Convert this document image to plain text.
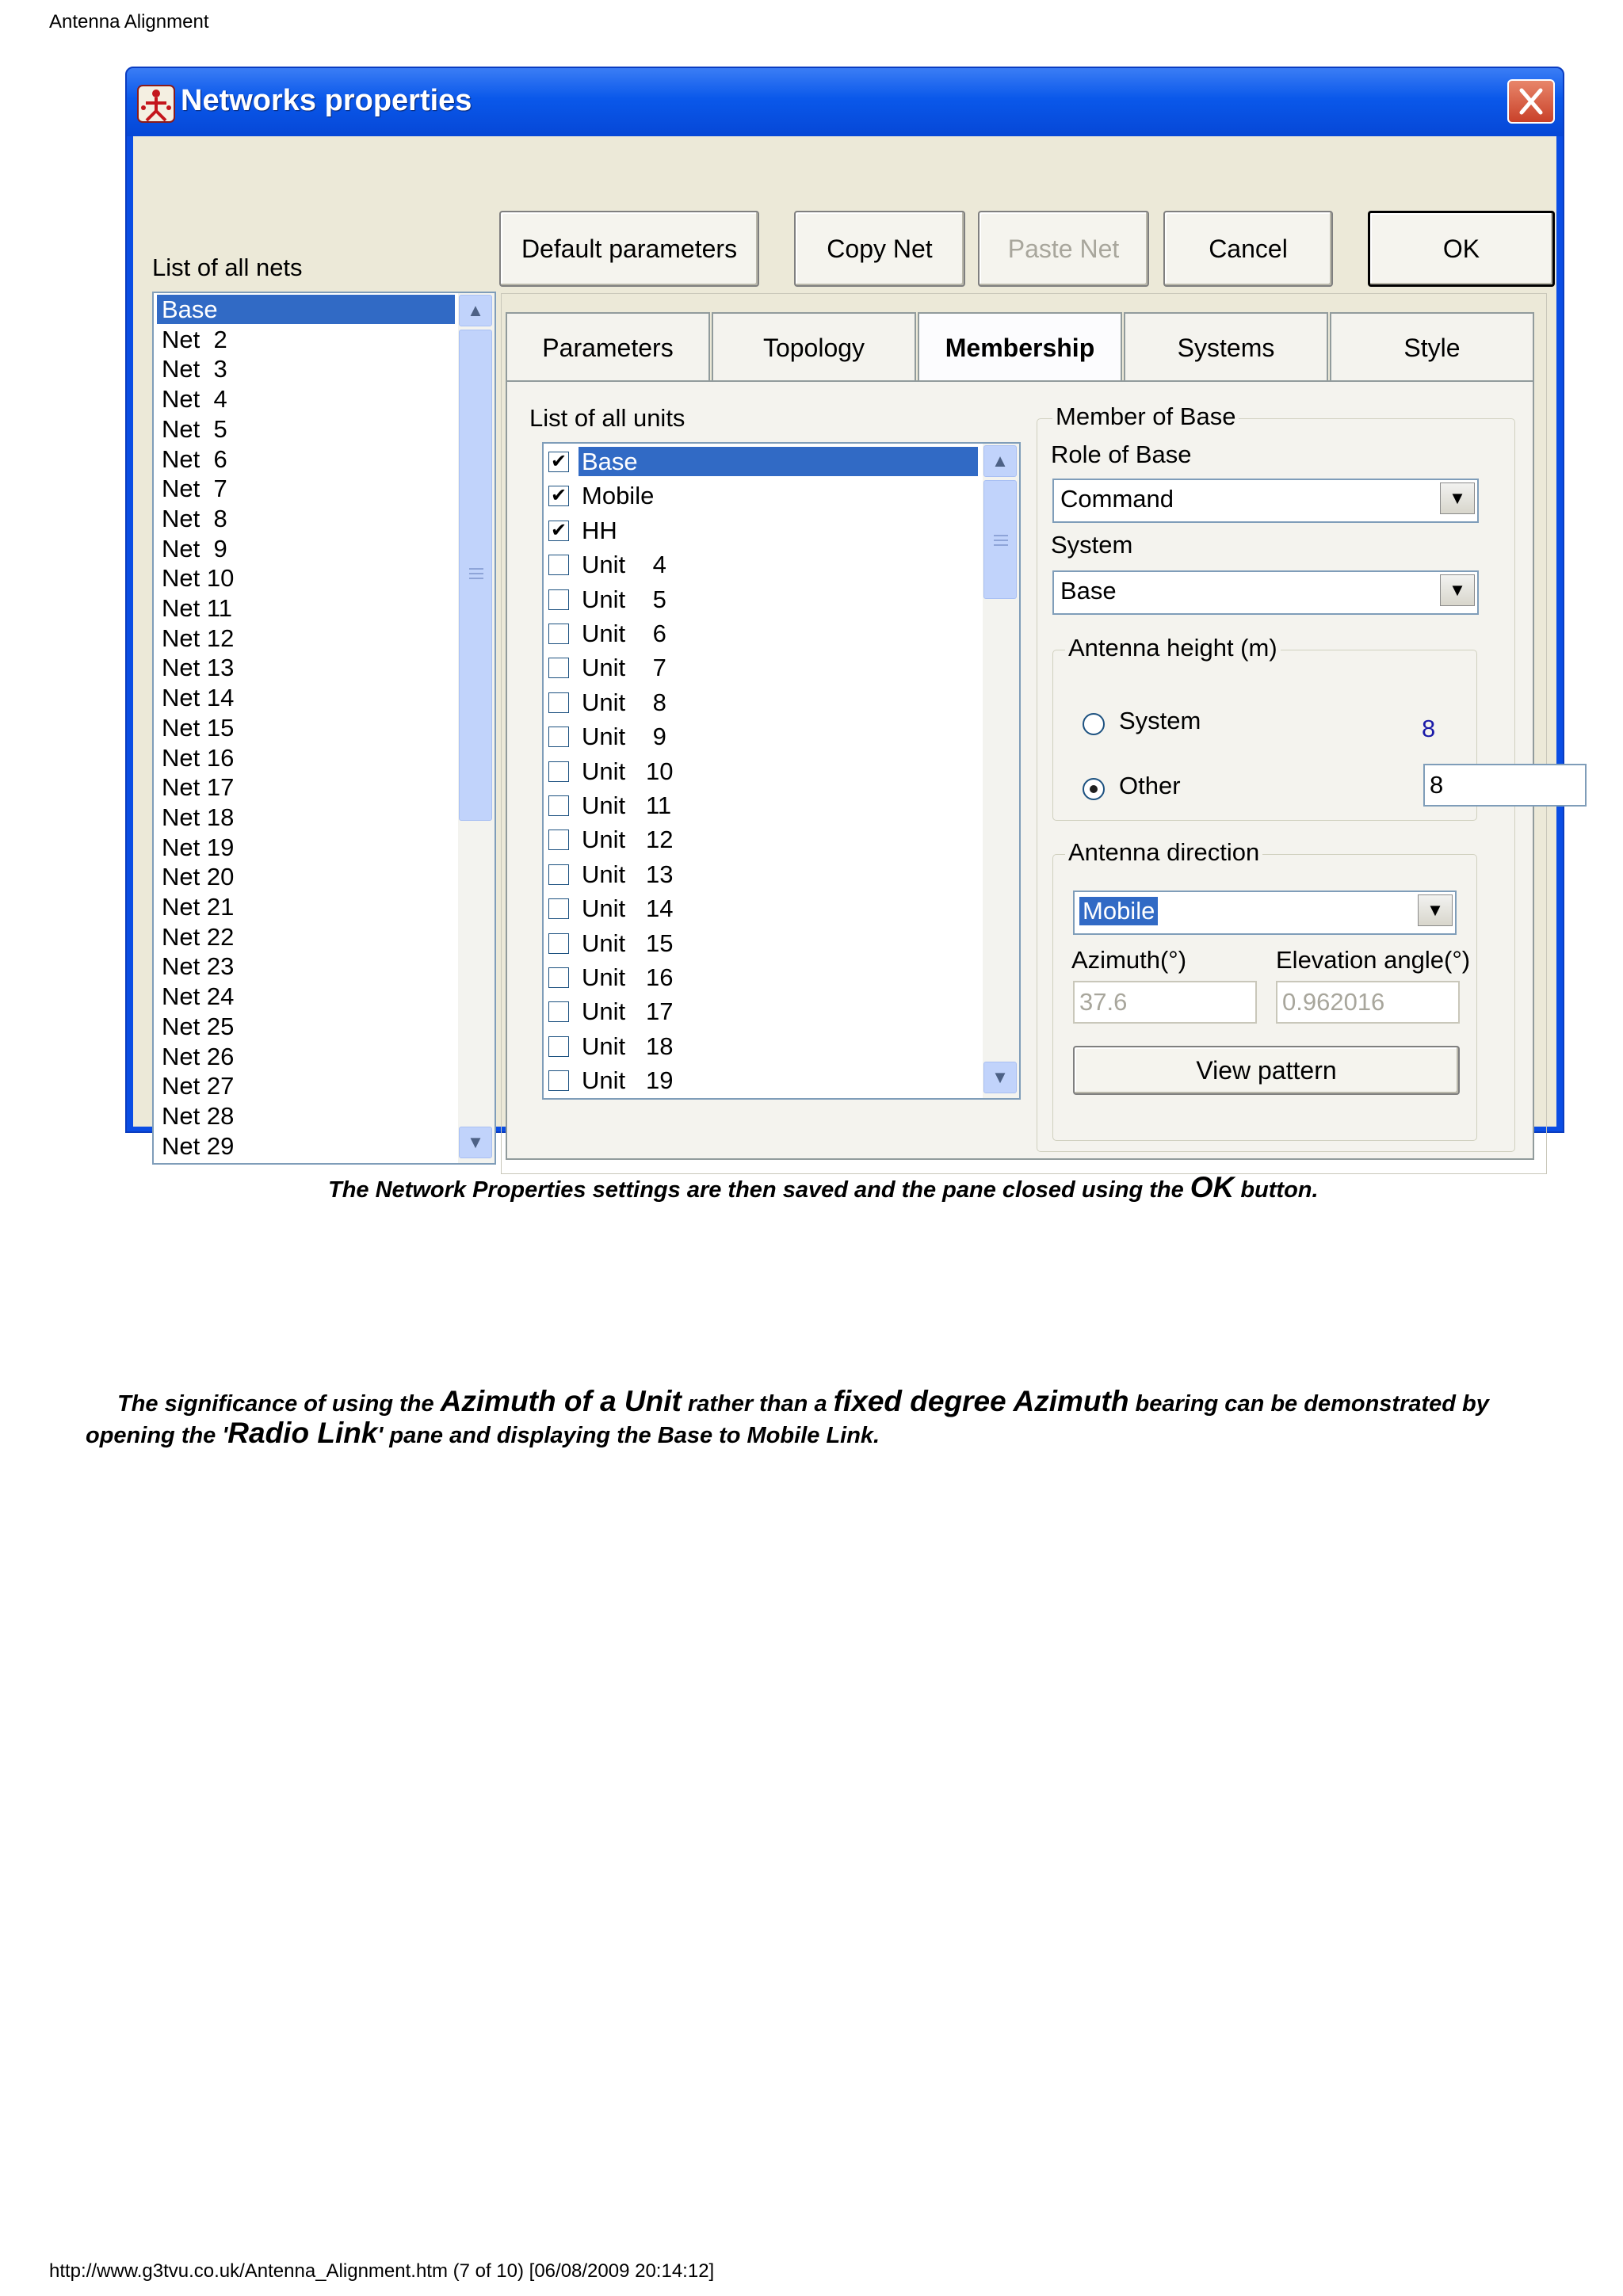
Antenna Alignment
Networks properties
List of all nets
▲
▼
Base
Net  2
Net  3
Net  4
Net  5
Net  6
Net  7
Net  8
Net  9
Net 10
Net 11
Net 12
Net 13
Net 14
Net 15
Net 16
Net 17
Net 18
Net 19
Net 20
Net 21
Net 22
Net 23
Net 24
Net 25
Net 26
Net 27
Net 28
Net 29
Default parameters	Copy Net	Paste Net	Cancel	OK
Parameters	Topology	Membership	Systems	Style
List of all units
▲
▼
✔ Base
✔ Mobile
✔ HH
Unit    4
Unit    5
Unit    6
Unit    7
Unit    8
Unit    9
Unit   10
Unit   11
Unit   12
Unit   13
Unit   14
Unit   15
Unit   16
Unit   17
Unit   18
Unit   19
Member of Base
Role of Base
Command	▼
System
Base	▼
Antenna height (m)
System	8
Other	8
Antenna direction
Mobile	▼
Azimuth(°)	Elevation angle(°)
37.6	0.962016
View pattern
The Network Properties settings are then saved and the pane closed using the OK button.
The significance of using the Azimuth of a Unit rather than a fixed degree Azimuth bearing can be demonstrated by
opening the 'Radio Link' pane and displaying the Base to Mobile Link.
http://www.g3tvu.co.uk/Antenna_Alignment.htm (7 of 10) [06/08/2009 20:14:12]
